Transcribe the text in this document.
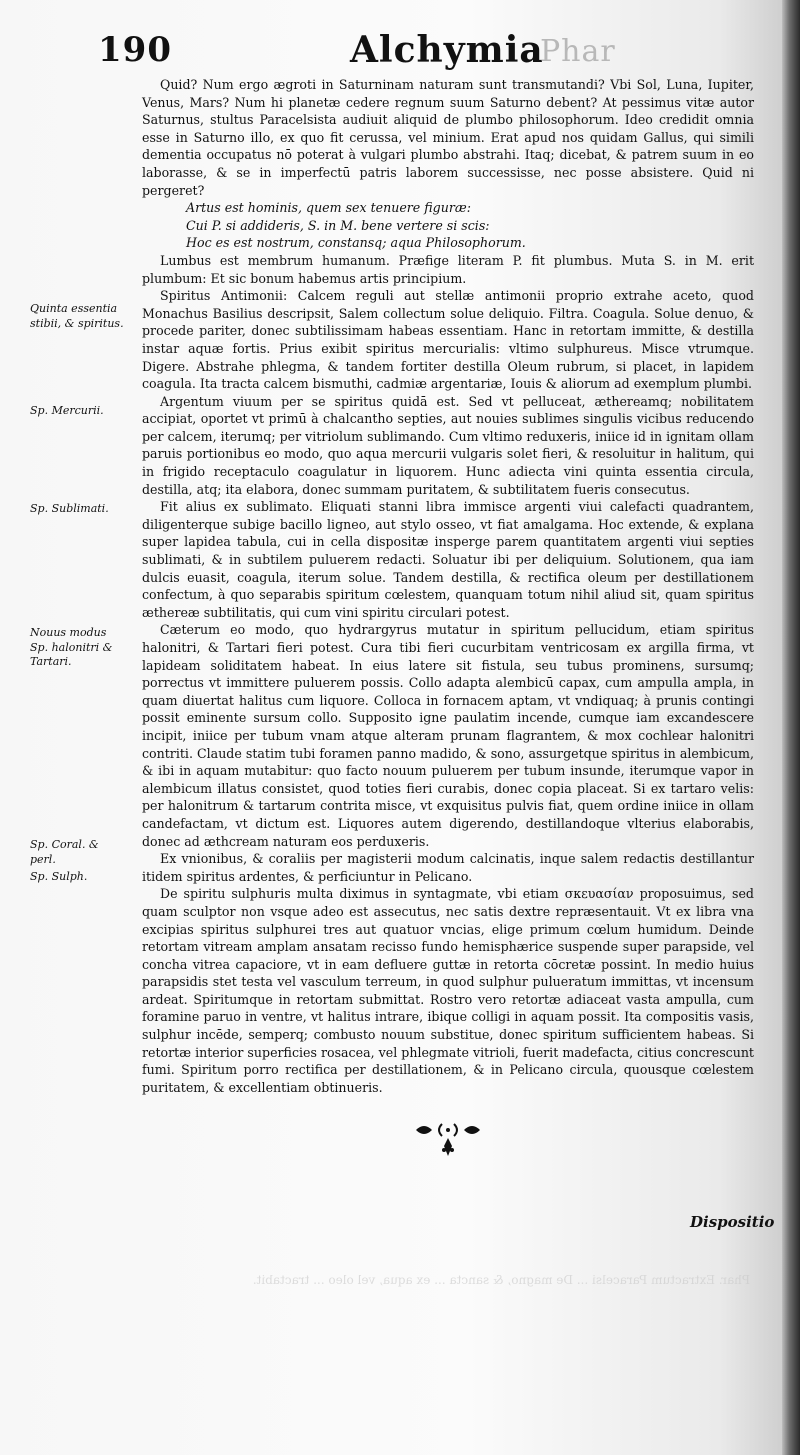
190	Alchymia
Phar
Quinta essentia stibii, & spiritus.
Sp. Mercurii.
Sp. Sublimati.
Nouus modus Sp. halonitri & Tartari.
Sp. Coral. & perl.
Sp. Sulph.

Quid? Num ergo ægroti in Saturninam naturam sunt transmutandi? Vbi Sol, Luna, Iupiter, Venus, Mars? Num hi planetæ cedere regnum suum Saturno debent? At pessimus vitæ autor Saturnus, stultus Paracelsista audiuit aliquid de plumbo philosophorum. Ideo credidit omnia esse in Saturno illo, ex quo fit cerussa, vel minium. Erat apud nos quidam Gallus, qui simili dementia occupatus nō poterat à vulgari plumbo abstrahi. Itaq; dicebat, & patrem suum in eo laborasse, & se in imperfectū patris laborem successisse, nec posse absistere. Quid ni pergeret?

Artus est hominis, quem sex tenuere figuræ:

Cui P. si addideris, S. in M. bene vertere si scis:

Hoc es est nostrum, constansq; aqua Philosophorum.

Lumbus est membrum humanum. Præfige literam P. fit plumbus. Muta S. in M. erit plumbum: Et sic bonum habemus artis principium.

Spiritus Antimonii: Calcem reguli aut stellæ antimonii proprio extrahe aceto, quod Monachus Basilius descripsit, Salem collectum solue deliquio. Filtra. Coagula. Solue denuo, & procede pariter, donec subtilissimam habeas essentiam. Hanc in retortam immitte, & destilla instar aquæ fortis. Prius exibit spiritus mercurialis: vltimo sulphureus. Misce vtrumque. Digere. Abstrahe phlegma, & tandem fortiter destilla Oleum rubrum, si placet, in lapidem coagula. Ita tracta calcem bismuthi, cadmiæ argentariæ, Iouis & aliorum ad exemplum plumbi.

Argentum viuum per se spiritus quidā est. Sed vt pelluceat, æthereamq; nobilitatem accipiat, oportet vt primū à chalcantho septies, aut nouies sublimes singulis vicibus reducendo per calcem, iterumq; per vitriolum sublimando. Cum vltimo reduxeris, iniice id in ignitam ollam paruis portionibus eo modo, quo aqua mercurii vulgaris solet fieri, & resoluitur in halitum, qui in frigido receptaculo coagulatur in liquorem. Hunc adiecta vini quinta essentia circula, destilla, atq; ita elabora, donec summam puritatem, & subtilitatem fueris consecutus.

Fit alius ex sublimato. Eliquati stanni libra immisce argenti viui calefacti quadrantem, diligenterque subige bacillo ligneo, aut stylo osseo, vt fiat amalgama. Hoc extende, & explana super lapidea tabula, cui in cella dispositæ insperge parem quantitatem argenti viui septies sublimati, & in subtilem puluerem redacti. Soluatur ibi per deliquium. Solutionem, qua iam dulcis euasit, coagula, iterum solue. Tandem destilla, & rectifica oleum per destillationem confectum, à quo separabis spiritum cœlestem, quanquam totum nihil aliud sit, quam spiritus æthereæ subtilitatis, qui cum vini spiritu circulari potest.

Cæterum eo modo, quo hydrargyrus mutatur in spiritum pellucidum, etiam spiritus halonitri, & Tartari fieri potest. Cura tibi fieri cucurbitam ventricosam ex argilla firma, vt lapideam soliditatem habeat. In eius latere sit fistula, seu tubus prominens, sursumq; porrectus vt immittere puluerem possis. Collo adapta alembicū capax, cum ampulla ampla, in quam diuertat halitus cum liquore. Colloca in fornacem aptam, vt vndiquaq; à prunis contingi possit eminente sursum collo. Supposito igne paulatim incende, cumque iam excandescere incipit, iniice per tubum vnam atque alteram prunam flagrantem, & mox cochlear halonitri contriti. Claude statim tubi foramen panno madido, & sono, assurgetque spiritus in alembicum, & ibi in aquam mutabitur: quo facto nouum puluerem per tubum insunde, iterumque vapor in alembicum illatus consistet, quod toties fieri curabis, donec copia placeat. Si ex tartaro velis: per halonitrum & tartarum contrita misce, vt exquisitus pulvis fiat, quem ordine iniice in ollam candefactam, vt dictum est. Liquores autem digerendo, destillandoque vlterius elaborabis, donec ad æthcream naturam eos perduxeris.

Ex vnionibus, & coraliis per magisterii modum calcinatis, inque salem redactis destillantur itidem spiritus ardentes, & perficiuntur in Pelicano.

De spiritu sulphuris multa diximus in syntagmate, vbi etiam σκευασίαν proposuimus, sed quam sculptor non vsque adeo est assecutus, nec satis dextre repræsentauit. Vt ex libra vna excipias spiritus sulphurei tres aut quatuor vncias, elige primum cœlum humidum. Deinde retortam vitream amplam ansatam recisso fundo hemisphærice suspende super parapside, vel concha vitrea capaciore, vt in eam defluere guttæ in retorta cōcretæ possint. In medio huius parapsidis stet testa vel vasculum terreum, in quod sulphur pulueratum immittas, vt incensum ardeat. Spiritumque in retortam submittat. Rostro vero retortæ adiaceat vasta ampulla, cum foramine paruo in ventre, vt halitus intrare, ibique colligi in aquam possit. Ita compositis vasis, sulphur incēde, semperq; combusto nouum substitue, donec spiritum sufficientem habeas. Si retortæ interior superficies rosacea, vel phlegmate vitrioli, fuerit madefacta, citius concrescunt fumi. Spiritum porro rectifica per destillationem, & in Pelicano circula, quousque cœlestem puritatem, & excellentiam obtinueris.

Dispositio
Phar. Extractum Paracelsi ... De magno, & sancta ... ex aqua, vel oleo ... tractabit.
